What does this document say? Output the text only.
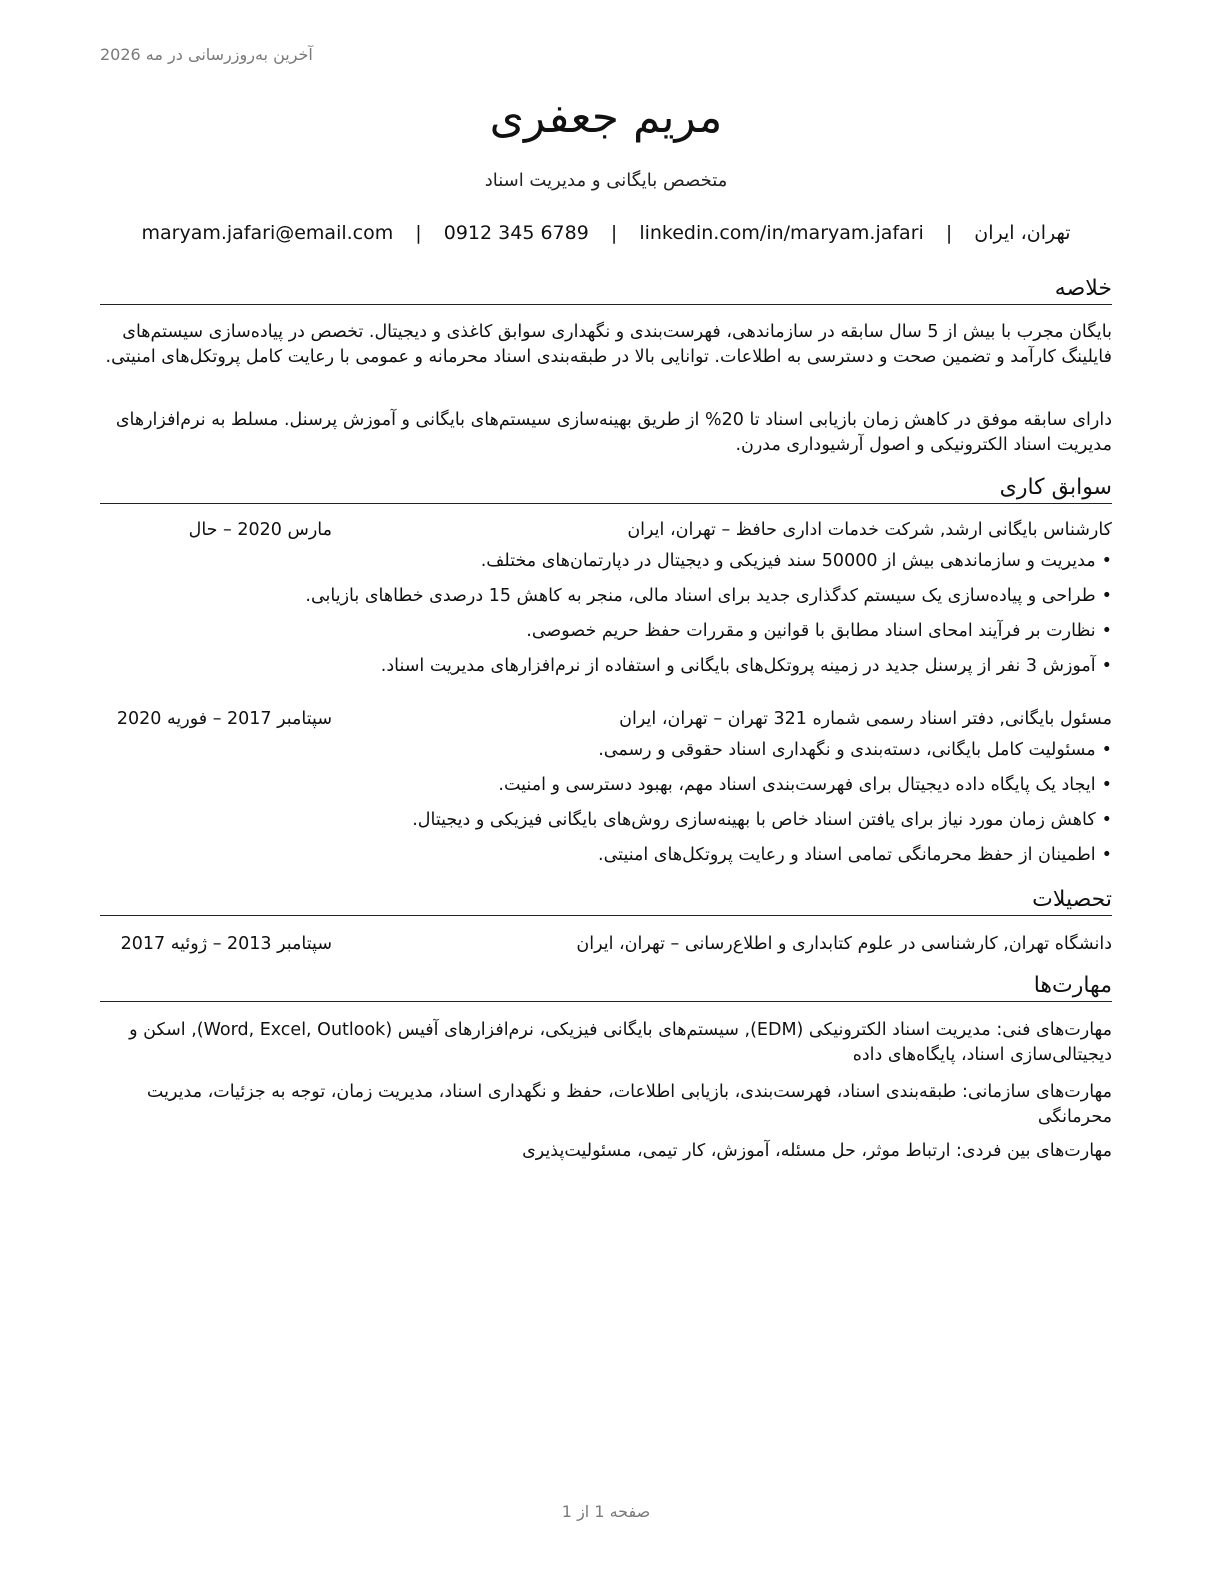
آخرین به‌روزرسانی در مه 2026
مریم جعفری
متخصص بایگانی و مدیریت اسناد
تهران، ایران | maryam.jafari@email.com | 0912 345 6789 | linkedin.com/in/maryam.jafari
خلاصه
بایگان مجرب با بیش از 5 سال سابقه در سازماندهی، فهرست‌بندی و نگهداری سوابق کاغذی و دیجیتال. تخصص در پیاده‌سازی سیستم‌های فایلینگ کارآمد و تضمین صحت و دسترسی به اطلاعات. توانایی بالا در طبقه‌بندی اسناد محرمانه و عمومی با رعایت کامل پروتکل‌های امنیتی.
دارای سابقه موفق در کاهش زمان بازیابی اسناد تا 20% از طریق بهینه‌سازی سیستم‌های بایگانی و آموزش پرسنل. مسلط به نرم‌افزارهای مدیریت اسناد الکترونیکی و اصول آرشیوداری مدرن.
سوابق کاری
کارشناس بایگانی ارشد, شرکت خدمات اداری حافظ – تهران، ایران
مارس 2020 – حال
•مدیریت و سازماندهی بیش از 50000 سند فیزیکی و دیجیتال در دپارتمان‌های مختلف.
•طراحی و پیاده‌سازی یک سیستم کدگذاری جدید برای اسناد مالی، منجر به کاهش 15 درصدی خطاهای بازیابی.
•نظارت بر فرآیند امحای اسناد مطابق با قوانین و مقررات حفظ حریم خصوصی.
•آموزش 3 نفر از پرسنل جدید در زمینه پروتکل‌های بایگانی و استفاده از نرم‌افزارهای مدیریت اسناد.
مسئول بایگانی, دفتر اسناد رسمی شماره 321 تهران – تهران، ایران
سپتامبر 2017 – فوریه 2020
•مسئولیت کامل بایگانی، دسته‌بندی و نگهداری اسناد حقوقی و رسمی.
•ایجاد یک پایگاه داده دیجیتال برای فهرست‌بندی اسناد مهم، بهبود دسترسی و امنیت.
•کاهش زمان مورد نیاز برای یافتن اسناد خاص با بهینه‌سازی روش‌های بایگانی فیزیکی و دیجیتال.
•اطمینان از حفظ محرمانگی تمامی اسناد و رعایت پروتکل‌های امنیتی.
تحصیلات
دانشگاه تهران, کارشناسی در علوم کتابداری و اطلاع‌رسانی – تهران، ایران
سپتامبر 2013 – ژوئیه 2017
مهارت‌ها
مهارت‌های فنی: مدیریت اسناد الکترونیکی (EDM), سیستم‌های بایگانی فیزیکی، نرم‌افزارهای آفیس (Word, Excel, Outlook), اسکن و دیجیتالی‌سازی اسناد، پایگاه‌های داده
مهارت‌های سازمانی: طبقه‌بندی اسناد، فهرست‌بندی، بازیابی اطلاعات، حفظ و نگهداری اسناد، مدیریت زمان، توجه به جزئیات، مدیریت محرمانگی
مهارت‌های بین فردی: ارتباط موثر، حل مسئله، آموزش، کار تیمی، مسئولیت‌پذیری
صفحه 1 از 1
